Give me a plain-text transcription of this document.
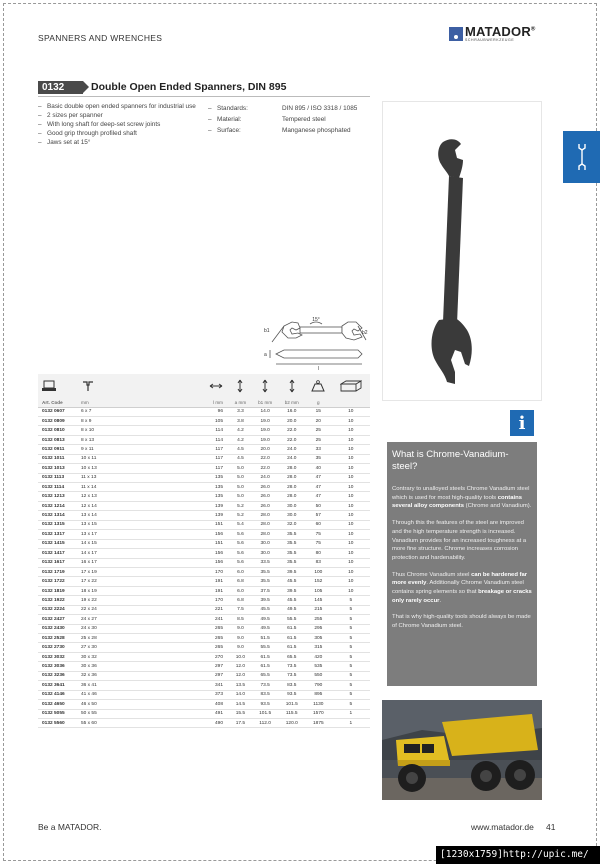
SPANNERS AND WRENCHES	MATADOR®
SCHRAUBWERKZEUGE
0132	Double Open Ended Spanners, DIN 895
– Basic double open ended spanners for industrial use
– 2 sizes per spanner
– With long shaft for deep-set screw joints
– Good grip through profiled shaft
– Jaws set at 15°
– Standards:	DIN 895 / ISO 3318 / 1085
– Material:	Tempered steel
– Surface:	Manganese phosphated
15°
b1	b2
a
l

Art. Code	mm	l mm	a mm	b1 mm	b2 mm	g	
0132 0607	6 x 7	96	3.3	14.0	16.0	15	10
0132 0809	8 x 9	105	3.8	19.0	20.0	20	10
0132 0810	8 x 10	114	4.2	19.0	22.0	25	10
0132 0813	8 x 13	114	4.2	19.0	22.0	25	10
0132 0911	9 x 11	117	4.5	20.0	24.0	33	10
0132 1011	10 x 11	117	4.5	22.0	24.0	35	10
0132 1013	10 x 13	117	5.0	22.0	28.0	40	10
0132 1113	11 x 13	135	5.0	24.0	28.0	47	10
0132 1114	11 x 14	135	5.0	26.0	28.0	47	10
0132 1213	12 x 13	135	5.0	26.0	28.0	47	10
0132 1214	12 x 14	139	5.2	26.0	30.0	50	10
0132 1314	13 x 14	139	5.2	28.0	30.0	57	10
0132 1315	13 x 15	151	5.4	28.0	32.0	60	10
0132 1317	13 x 17	156	5.6	28.0	35.5	75	10
0132 1415	14 x 15	151	5.6	30.0	35.5	75	10
0132 1417	14 x 17	156	5.6	30.0	35.5	80	10
0132 1617	16 x 17	156	5.6	33.5	35.5	83	10
0132 1719	17 x 19	170	6.0	35.5	39.5	100	10
0132 1722	17 x 22	191	6.8	35.5	45.5	152	10
0132 1819	18 x 19	191	6.0	37.5	39.5	105	10
0132 1922	19 x 22	170	6.8	39.5	45.5	145	5
0132 2224	22 x 24	221	7.5	45.5	49.5	215	5
0132 2427	24 x 27	241	8.5	49.5	55.5	255	5
0132 2430	24 x 30	265	9.0	49.5	61.5	295	5
0132 2528	25 x 28	265	9.0	51.5	61.5	305	5
0132 2730	27 x 30	265	9.0	55.5	61.5	315	5
0132 3032	30 x 32	270	10.0	61.5	65.5	420	5
0132 3036	30 x 36	297	12.0	61.5	73.5	535	5
0132 3236	32 x 36	297	12.0	65.5	73.5	550	5
0132 3641	36 x 41	341	13.5	73.5	83.5	790	5
0132 4146	41 x 46	373	14.0	83.5	93.5	895	5
0132 4650	46 x 50	408	14.5	93.5	101.5	1130	5
0132 5055	50 x 55	491	15.5	101.5	115.5	1570	1
0132 5560	55 x 60	490	17.5	112.0	120.0	1875	1
i
What is Chrome-Vanadium-steel?

Contrary to unalloyed steels Chrome Vanadium steel which is used for most high-quality tools contains several alloy components (Chrome and Vanadium).

Through this the features of the steel are improved and the high temperature strength is increased. Vanadium provides for an increased toughness at a more fine structure. Chrome increases corrosion protection and hardenability.

Thus Chrome Vanadium steel can be hardened far more evenly. Additionally Chrome Vanadium steel contains spring elements so that breakage or cracks only rarely occur.

That is why high-quality tools should always be made of Chrome Vanadium steel.

Be a MATADOR.	www.matador.de 41
[1230x1759]http://upic.me/
